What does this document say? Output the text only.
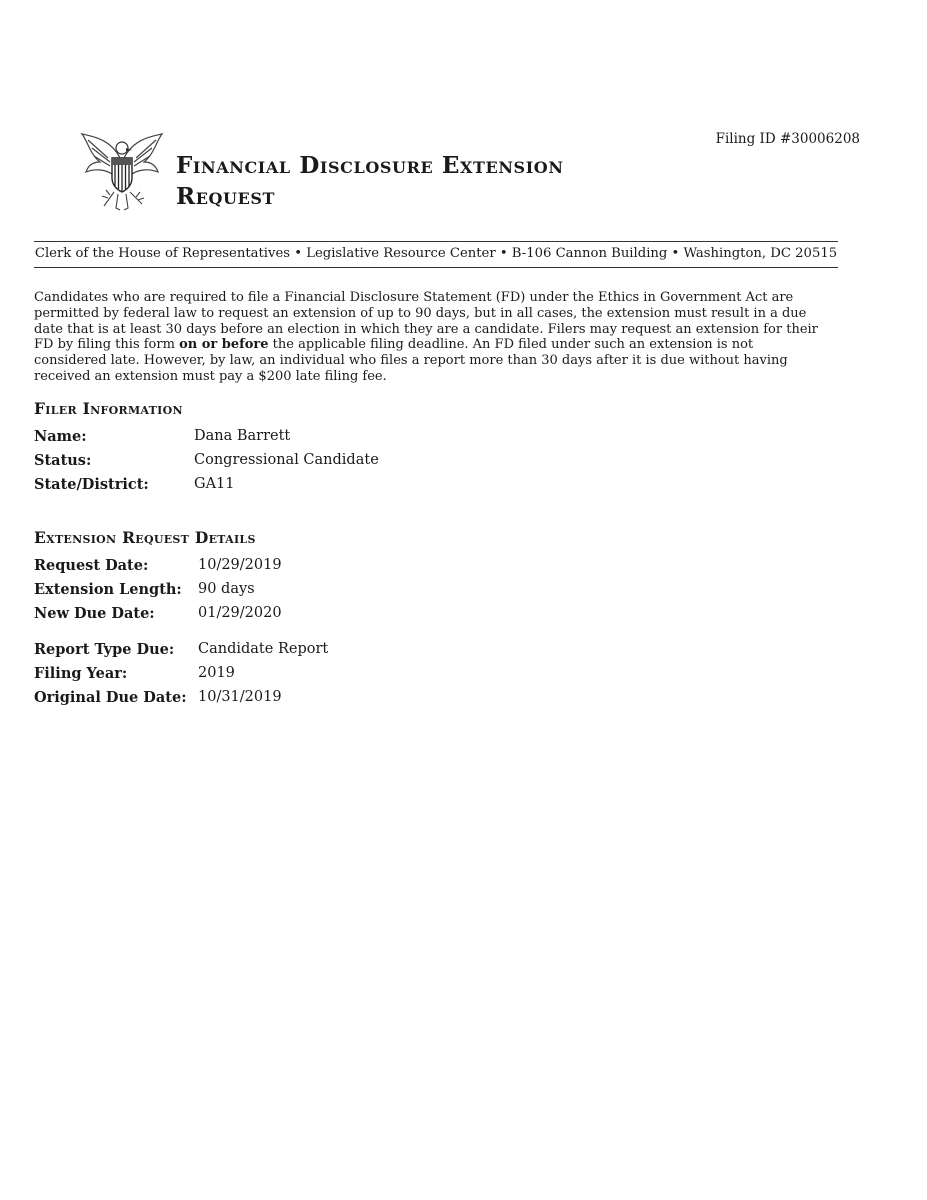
Filing ID #30006208
Financial Disclosure Extension Request
Clerk of the House of Representatives • Legislative Resource Center • B-106 Cannon Building • Washington, DC 20515

Candidates who are required to file a Financial Disclosure Statement (FD) under the Ethics in Government Act are permitted by federal law to request an extension of up to 90 days, but in all cases, the extension must result in a due date that is at least 30 days before an election in which they are a candidate. Filers may request an extension for their FD by filing this form on or before the applicable filing deadline. An FD filed under such an extension is not considered late. However, by law, an individual who files a report more than 30 days after it is due without having received an extension must pay a $200 late filing fee.

Filer Information
Name:	Dana Barrett
Status:	Congressional Candidate
State/District:	GA11
Extension Request Details
Request Date:	10/29/2019
Extension Length:	90 days
New Due Date:	01/29/2020
Report Type Due:	Candidate Report
Filing Year:	2019
Original Due Date: 10/31/2019
